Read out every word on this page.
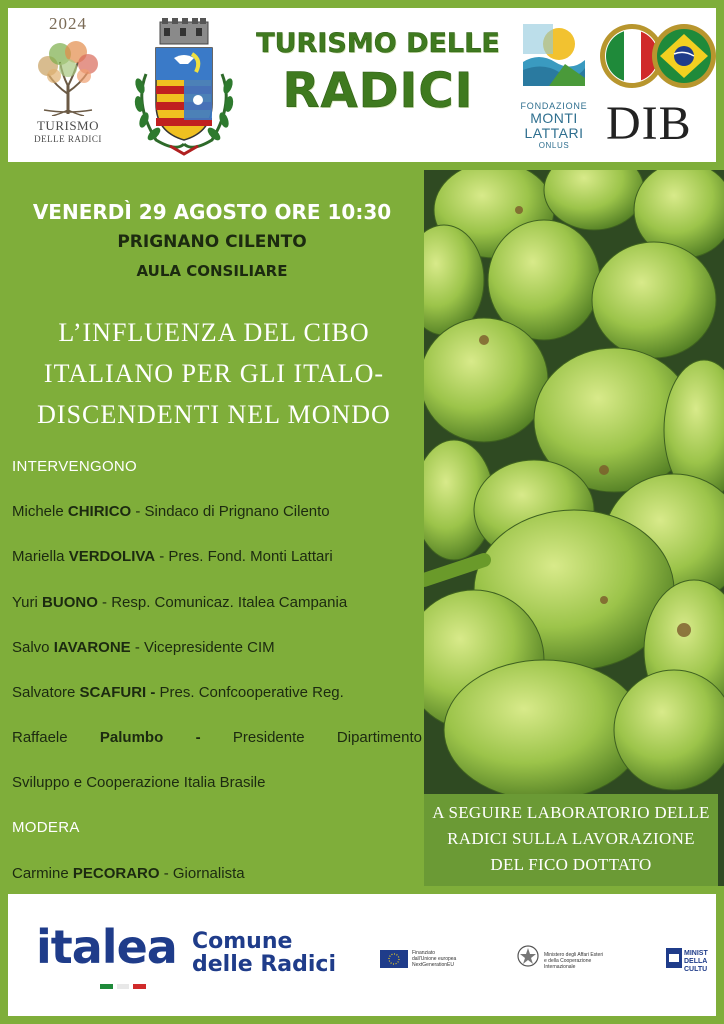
2024
TURISMO
DELLE RADICI
TURISMO DELLE
RADICI	FONDAZIONE
MONTI
LATTARI
ONLUS DIB
VENERDÌ 29 AGOSTO ORE 10:30
PRIGNANO CILENTO
AULA CONSILIARE
L’INFLUENZA DEL CIBO
ITALIANO PER GLI ITALO-
DISCENDENTI NEL MONDO
INTERVENGONO
Michele CHIRICO - Sindaco di Prignano Cilento
Mariella VERDOLIVA - Pres. Fond. Monti Lattari
Yuri BUONO - Resp. Comunicaz. Italea Campania
Salvo IAVARONE - Vicepresidente CIM
Salvatore SCAFURI - Pres. Confcooperative Reg.
Raffaele Palumbo - Presidente Dipartimento
Sviluppo e Cooperazione Italia Brasile
MODERA
Carmine PECORARO - Giornalista
A SEGUIRE LABORATORIO DELLE
RADICI SULLA LAVORAZIONE
DEL FICO DOTTATO
italea Comune
delle Radici	Finanziato
dall'Unione europea
NextGenerationEU
Ministero degli Affari Esteri
e della Cooperazione Internazionale
MINIST
DELLA
CULTU
